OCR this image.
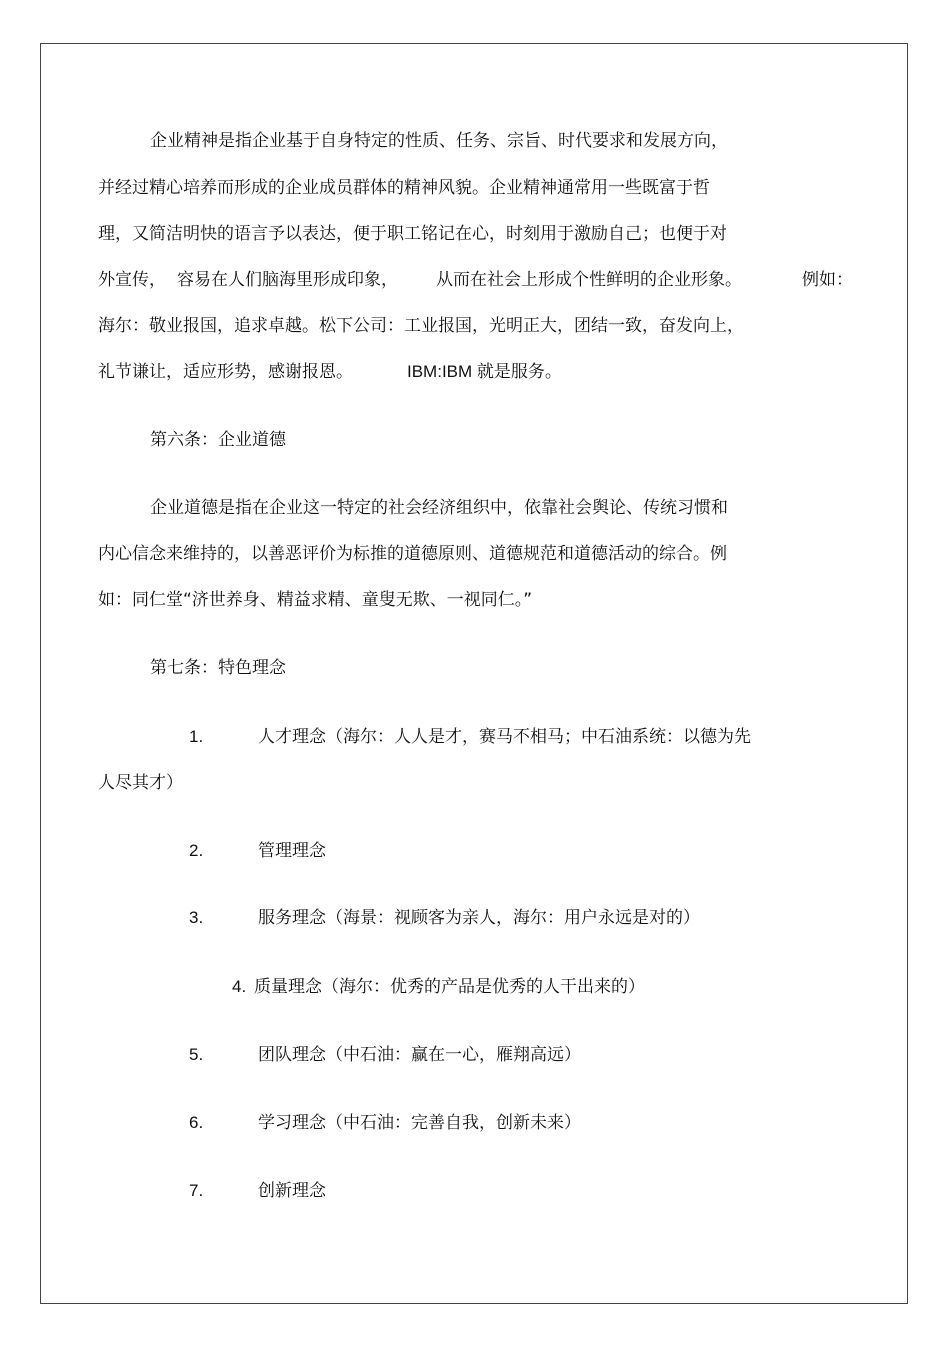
企业精神是指企业基于自身特定的性质、任务、宗旨、时代要求和发展方向，
并经过精心培养而形成的企业成员群体的精神风貌。企业精神通常用一些既富于哲
理，又简洁明快的语言予以表达，便于职工铭记在心，时刻用于激励自己；也便于对
外宣传， 容易在人们脑海里形成印象， 从而在社会上形成个性鲜明的企业形象。	例如：
海尔：敬业报国，追求卓越。松下公司：工业报国，光明正大，团结一致，奋发向上，
礼节谦让，适应形势，感谢报恩。	IBM:IBM 就是服务。
第六条：企业道德
企业道德是指在企业这一特定的社会经济组织中，依靠社会舆论、传统习惯和
内心信念来维持的，以善恶评价为标推的道德原则、道德规范和道德活动的综合。例
如：同仁堂“济世养身、精益求精、童叟无欺、一视同仁。”
第七条：特色理念
1.	人才理念（海尔：人人是才，赛马不相马；中石油系统：以德为先
人尽其才）
2.	管理理念
3.	服务理念（海景：视顾客为亲人，海尔：用户永远是对的）
4. 质量理念（海尔：优秀的产品是优秀的人干出来的）
5.	团队理念（中石油：赢在一心，雁翔高远）
6.	学习理念（中石油：完善自我，创新未来）
7.	创新理念
